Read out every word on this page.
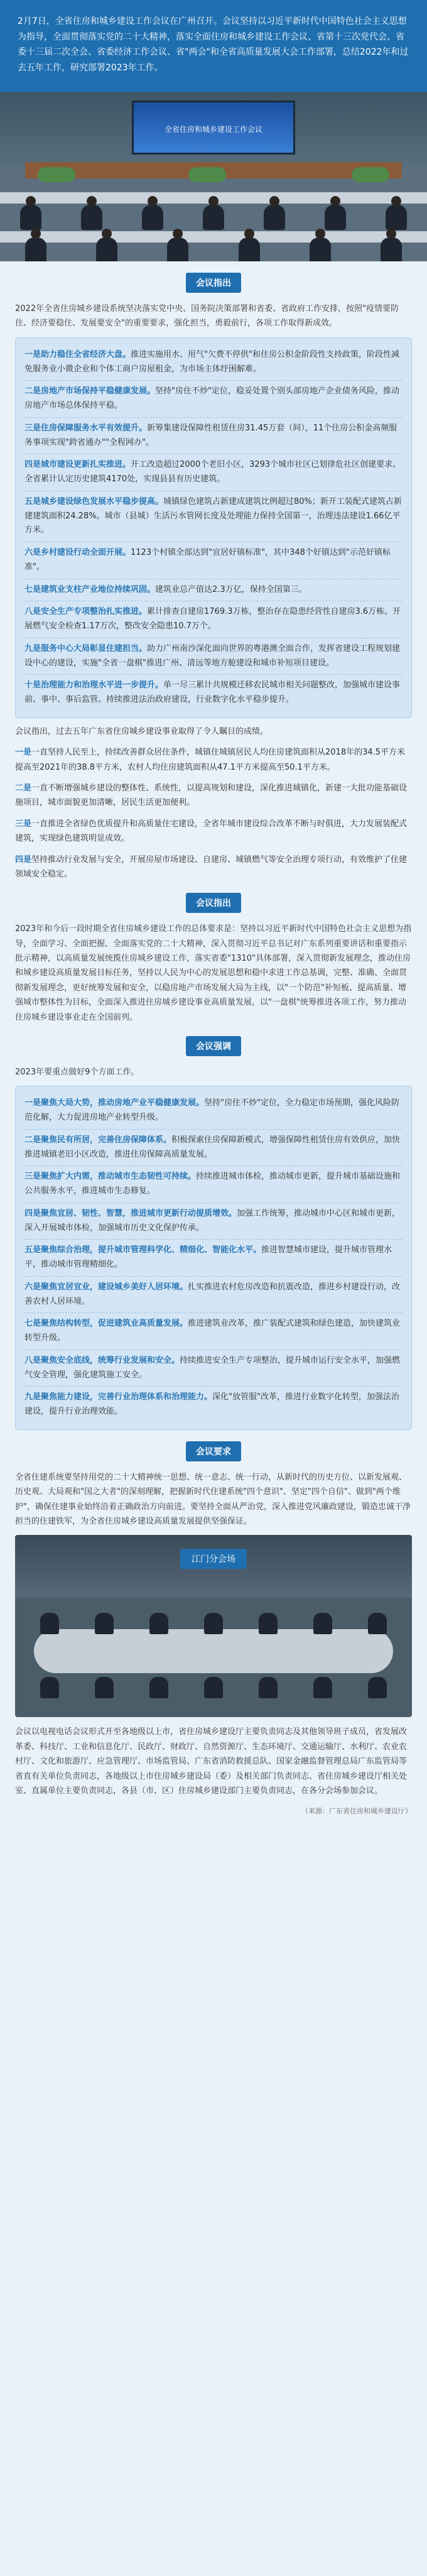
2月7日，全省住房和城乡建设工作会议在广州召开。会议坚持以习近平新时代中国特色社会主义思想为指导，全面贯彻落实党的二十大精神，落实全面住房和城乡建设工作会议、省第十三次党代会、省委十三届二次全会、省委经济工作会议、省"两会"和全省高质量发展大会工作部署，总结2022年和过去五年工作，研究部署2023年工作。
全省住房和城乡建设工作会议
会议指出
2022年全省住房城乡建设系统坚决落实党中央、国务院决策部署和省委、省政府工作安排，按照"疫情要防住、经济要稳住、发展要安全"的重要要求，强化担当，勇毅前行，各项工作取得新成效。
一是助力稳住全省经济大盘。推进实施用水、用气"欠费不停供"和住房公积金阶段性支持政策，阶段性减免服务业小微企业和个体工商户房屋租金，为市场主体纾困解难。
二是房地产市场保持平稳健康发展。坚持"房住不炒"定位，稳妥处置个别头部房地产企业债务风险，推动房地产市场总体保持平稳。
三是住房保障服务水平有效提升。新筹集建设保障性租赁住房31.45万套（间），11个住房公积金高频服务事项实现"跨省通办""全程网办"。
四是城市建设更新扎实推进。开工改造超过2000个老旧小区，3293个城市社区已划律危社区创建要求。全省累计认定历史建筑4170处，实现县县有历史建筑。
五是城乡建设绿色发展水平稳步提高。城镇绿色建筑占新建成建筑比例超过80%；新开工装配式建筑占新建建筑面积24.28%。城市（县城）生活污水管网长度及处理能力保持全国第一，治理违法建设1.66亿平方米。
六是乡村建设行动全面开展。1123个村镇全部达到"宜居好镇标准"，其中348个好镇达到"示范好镇标准"。
七是建筑业支柱产业地位持续巩固。建筑业总产值达2.3万亿，保持全国第三。
八是安全生产专项整治扎实推进。累计排查自建房1769.3万栋，整治存在隐患经营性自建房3.6万栋。开展燃气安全检查1.17万次，整改安全隐患10.7万个。
九是服务中心大局彰显住建担当。助力广州南沙深化面向世界的粤港澳全面合作，发挥省建设工程规划建设中心的建设，实施"全省一盘棋"推进广州、清远等地方舱建设和城市补短项目建设。
十是治理能力和治理水平进一步提升。单一尽三累计共规模迁移农民城市相关问题整改，加强城市建设事前、事中、事后监管。持续推进法治政府建设，行业数字化水平稳步提升。
会议指出，过去五年广东省住房城乡建设事业取得了令人瞩目的成绩。
一是一直坚持人民至上，持续改善群众居住条件，城镇住城镇居民人均住房建筑面积从2018年的34.5平方米提高至2021年的38.8平方米，农村人均住房建筑面积从47.1平方米提高至50.1平方米。
二是一直不断增强城乡建设的整体性、系统性，以提高规划和建设，深化推进城镇化，新建一大批功能基础设施项目，城市面貌更加清晰，居民生活更加便利。
三是一直推进全省绿色优质提升和高质量住宅建设，全省年城市建设综合改革不断与时俱进，大力发展装配式建筑，实现绿色建筑明显成效。
四是坚持推动行业发展与安全，开展房屋市场建设、自建房、城镇燃气等安全治理专项行动，有效维护了住建领域安全稳定。
会议指出
2023年和今后一段时期全省住房城乡建设工作的总体要求是：坚持以习近平新时代中国特色社会主义思想为指导，全面学习、全面把握、全面落实党的二十大精神，深入贯彻习近平总书记对广东系列重要讲话和重要指示批示精神，以高质量发展统揽住房城乡建设工作，落实省委"1310"具体部署，深入贯彻新发展理念，推动住房和城乡建设高质量发展目标任务，坚持以人民为中心的发展思想和稳中求进工作总基调，完整、准确、全面贯彻新发展理念，更好统筹发展和安全，以稳房地产市场发展大局为主线，以"一个防范"补短板、提高质量、增强城市整体性为目标，全面深入推进住房城乡建设事业高质量发展，以"一盘棋"统筹推进各项工作，努力推动住房城乡建设事业走在全国前列。
会议强调
2023年要重点做好9个方面工作。
一是聚焦大局大势，推动房地产业平稳健康发展。坚持"房住不炒"定位，全力稳定市场预期，强化风险防范化解，大力促进房地产业转型升级。
二是聚焦民有所居，完善住房保障体系。积极探索住房保障新模式，增强保障性租赁住房有效供应，加快推进城镇老旧小区改造，推进住房保障高质量发展。
三是聚焦扩大内需，推动城市生态韧性可持续。持续推进城市体检，推动城市更新，提升城市基础设施和公共服务水平，推进城市生态修复。
四是聚焦宜居、韧性、智慧，推进城市更新行动提质增效。加强工作统筹，推动城市中心区和城市更新，深入开展城市体检，加强城市历史文化保护传承。
五是聚焦综合治理，提升城市管理科学化、精细化、智能化水平。推进智慧城市建设，提升城市管理水平，推动城市管理精细化。
六是聚焦宜居宜业，建设城乡美好人居环境。扎实推进农村危房改造和抗震改造，推进乡村建设行动，改善农村人居环境。
七是聚焦结构转型，促进建筑业高质量发展。推进建筑业改革，推广装配式建筑和绿色建造，加快建筑业转型升级。
八是聚焦安全底线，统筹行业发展和安全。持续推进安全生产专项整治，提升城市运行安全水平，加强燃气安全管理，强化建筑施工安全。
九是聚焦能力建设，完善行业治理体系和治理能力。深化"放管服"改革，推进行业数字化转型，加强法治建设，提升行业治理效能。
会议要求
全省住建系统要坚持用党的二十大精神统一思想、统一意志、统一行动，从新时代的历史方位、以新发展观、历史观、大局观和"国之大者"的深刻理解，把握新时代住建系统"四个意识"、坚定"四个自信"、做到"两个维护"，确保住建事业始终沿着正确政治方向前进。要坚持全面从严治党，深入推进党风廉政建设，锻造忠诚干净担当的住建铁军，为全省住房城乡建设高质量发展提供坚强保证。
江门分会场
会议以电视电话会议形式开至各地级以上市，省住房城乡建设厅主要负责同志及其他领导班子成员，省发展改革委、科技厅、工业和信息化厅、民政厅、财政厅、自然资源厅、生态环境厅、交通运输厅、水利厅、农业农村厅、文化和旅游厅、应急管理厅、市场监管局、广东省消防救援总队、国家金融监督管理总局广东监管局等省直有关单位负责同志，各地级以上市住房城乡建设局（委）及相关部门负责同志、省住房城乡建设厅相关处室、直属单位主要负责同志，各县（市、区）住房城乡建设部门主要负责同志，在各分会场参加会议。
（来源：广东省住房和城乡建设厅）
